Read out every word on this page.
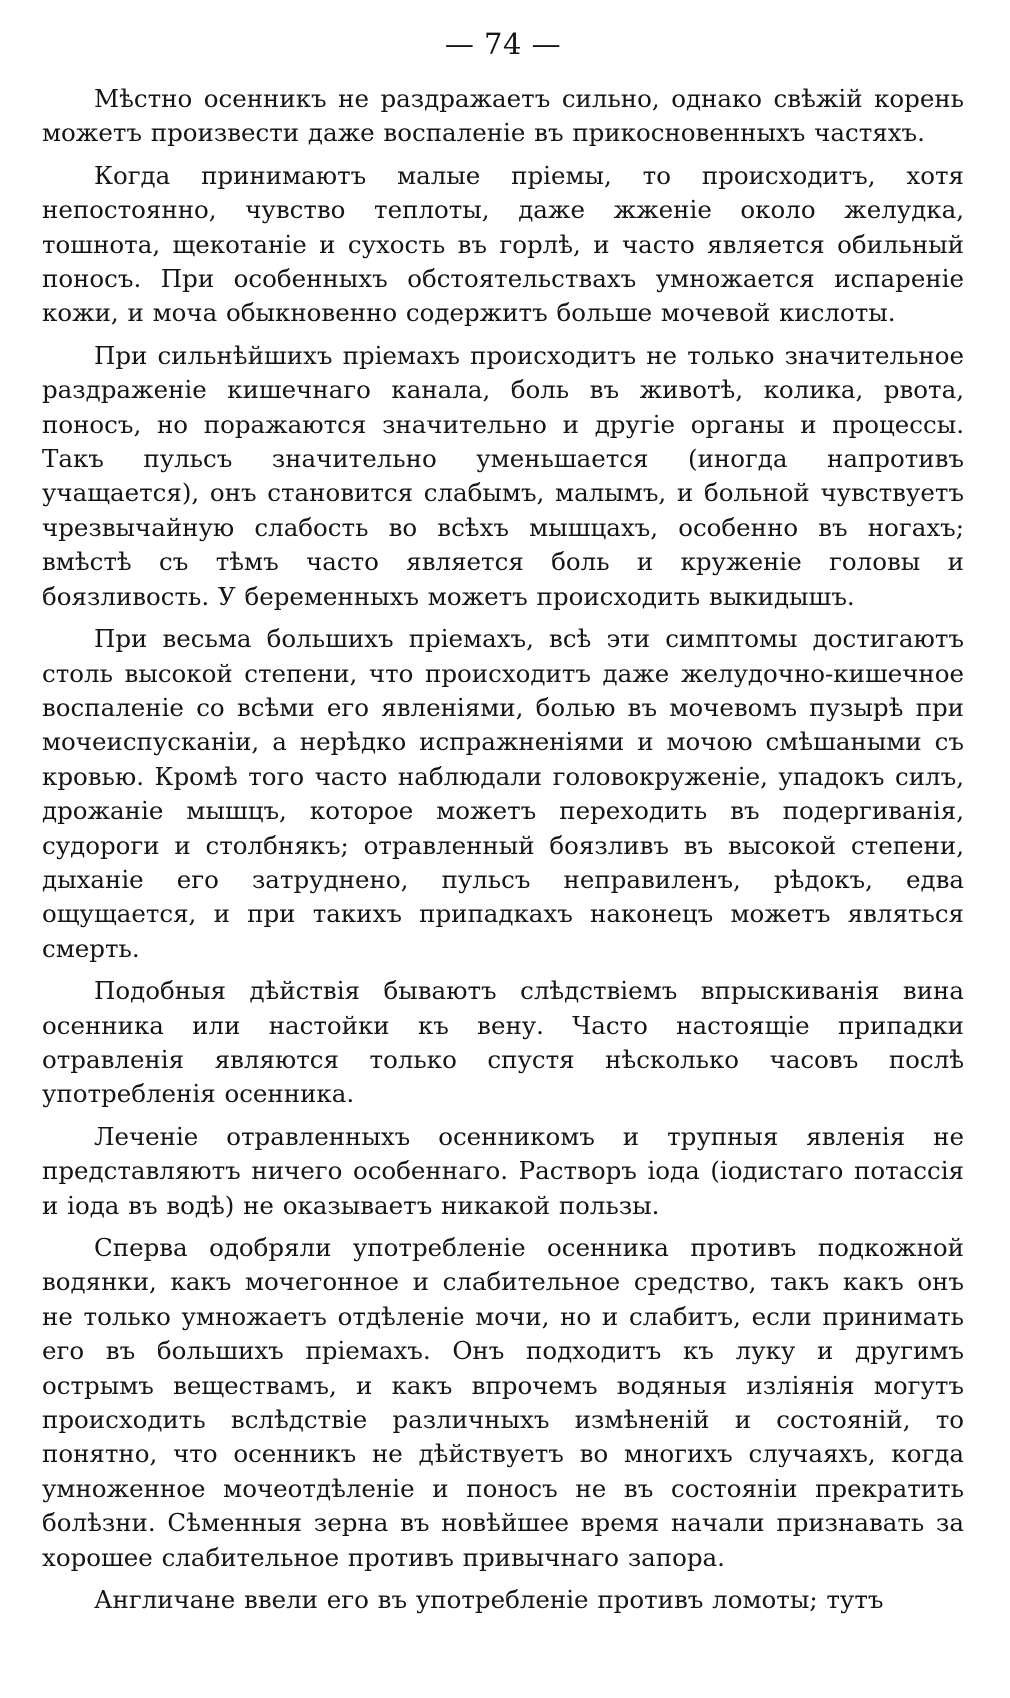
— 74 —

Мѣстно осенникъ не раздражаетъ сильно, однако свѣжій корень можетъ произвести даже воспаленіе въ прикосновенныхъ частяхъ.

Когда принимаютъ малые пріемы, то происходитъ, хотя непостоянно, чувство теплоты, даже жженіе около желудка, тошнота, щекотаніе и сухость въ горлѣ, и часто является обильный поносъ. При особенныхъ обстоятельствахъ умножается испареніе кожи, и моча обыкновенно содержитъ больше мочевой кислоты.

При сильнѣйшихъ пріемахъ происходитъ не только значительное раздраженіе кишечнаго канала, боль въ животѣ, колика, рвота, поносъ, но поражаются значительно и другіе органы и процессы. Такъ пульсъ значительно уменьшается (иногда напротивъ учащается), онъ становится слабымъ, малымъ, и больной чувствуетъ чрезвычайную слабость во всѣхъ мышцахъ, особенно въ ногахъ; вмѣстѣ съ тѣмъ часто является боль и круженіе головы и боязливость. У беременныхъ можетъ происходить выкидышъ.

При весьма большихъ пріемахъ, всѣ эти симптомы достигаютъ столь высокой степени, что происходитъ даже желудочно-кишечное воспаленіе со всѣми его явленіями, болью въ мочевомъ пузырѣ при мочеиспусканіи, а нерѣдко испражненіями и мочою смѣшаными съ кровью. Кромѣ того часто наблюдали головокруженіе, упадокъ силъ, дрожаніе мышцъ, которое можетъ переходить въ подергиванія, судороги и столбнякъ; отравленный боязливъ въ высокой степени, дыханіе его затруднено, пульсъ неправиленъ, рѣдокъ, едва ощущается, и при такихъ припадкахъ наконецъ можетъ являться смерть.

Подобныя дѣйствія бываютъ слѣдствіемъ впрыскиванія вина осенника или настойки къ вену. Часто настоящіе припадки отравленія являются только спустя нѣсколько часовъ послѣ употребленія осенника.

Леченіе отравленныхъ осенникомъ и трупныя явленія не представляютъ ничего особеннаго. Растворъ іода (іодистаго потассія и іода въ водѣ) не оказываетъ никакой пользы.

Сперва одобряли употребленіе осенника противъ подкожной водянки, какъ мочегонное и слабительное средство, такъ какъ онъ не только умножаетъ отдѣленіе мочи, но и слабитъ, если принимать его въ большихъ пріемахъ. Онъ подходитъ къ луку и другимъ острымъ веществамъ, и какъ впрочемъ водяныя изліянія могутъ происходить вслѣдствіе различныхъ измѣненій и состояній, то понятно, что осенникъ не дѣйствуетъ во многихъ случаяхъ, когда умноженное мочеотдѣленіе и поносъ не въ состояніи прекратить болѣзни. Сѣменныя зерна въ новѣйшее время начали признавать за хорошее слабительное противъ привычнаго запора.

Англичане ввели его въ употребленіе противъ ломоты; тутъ
